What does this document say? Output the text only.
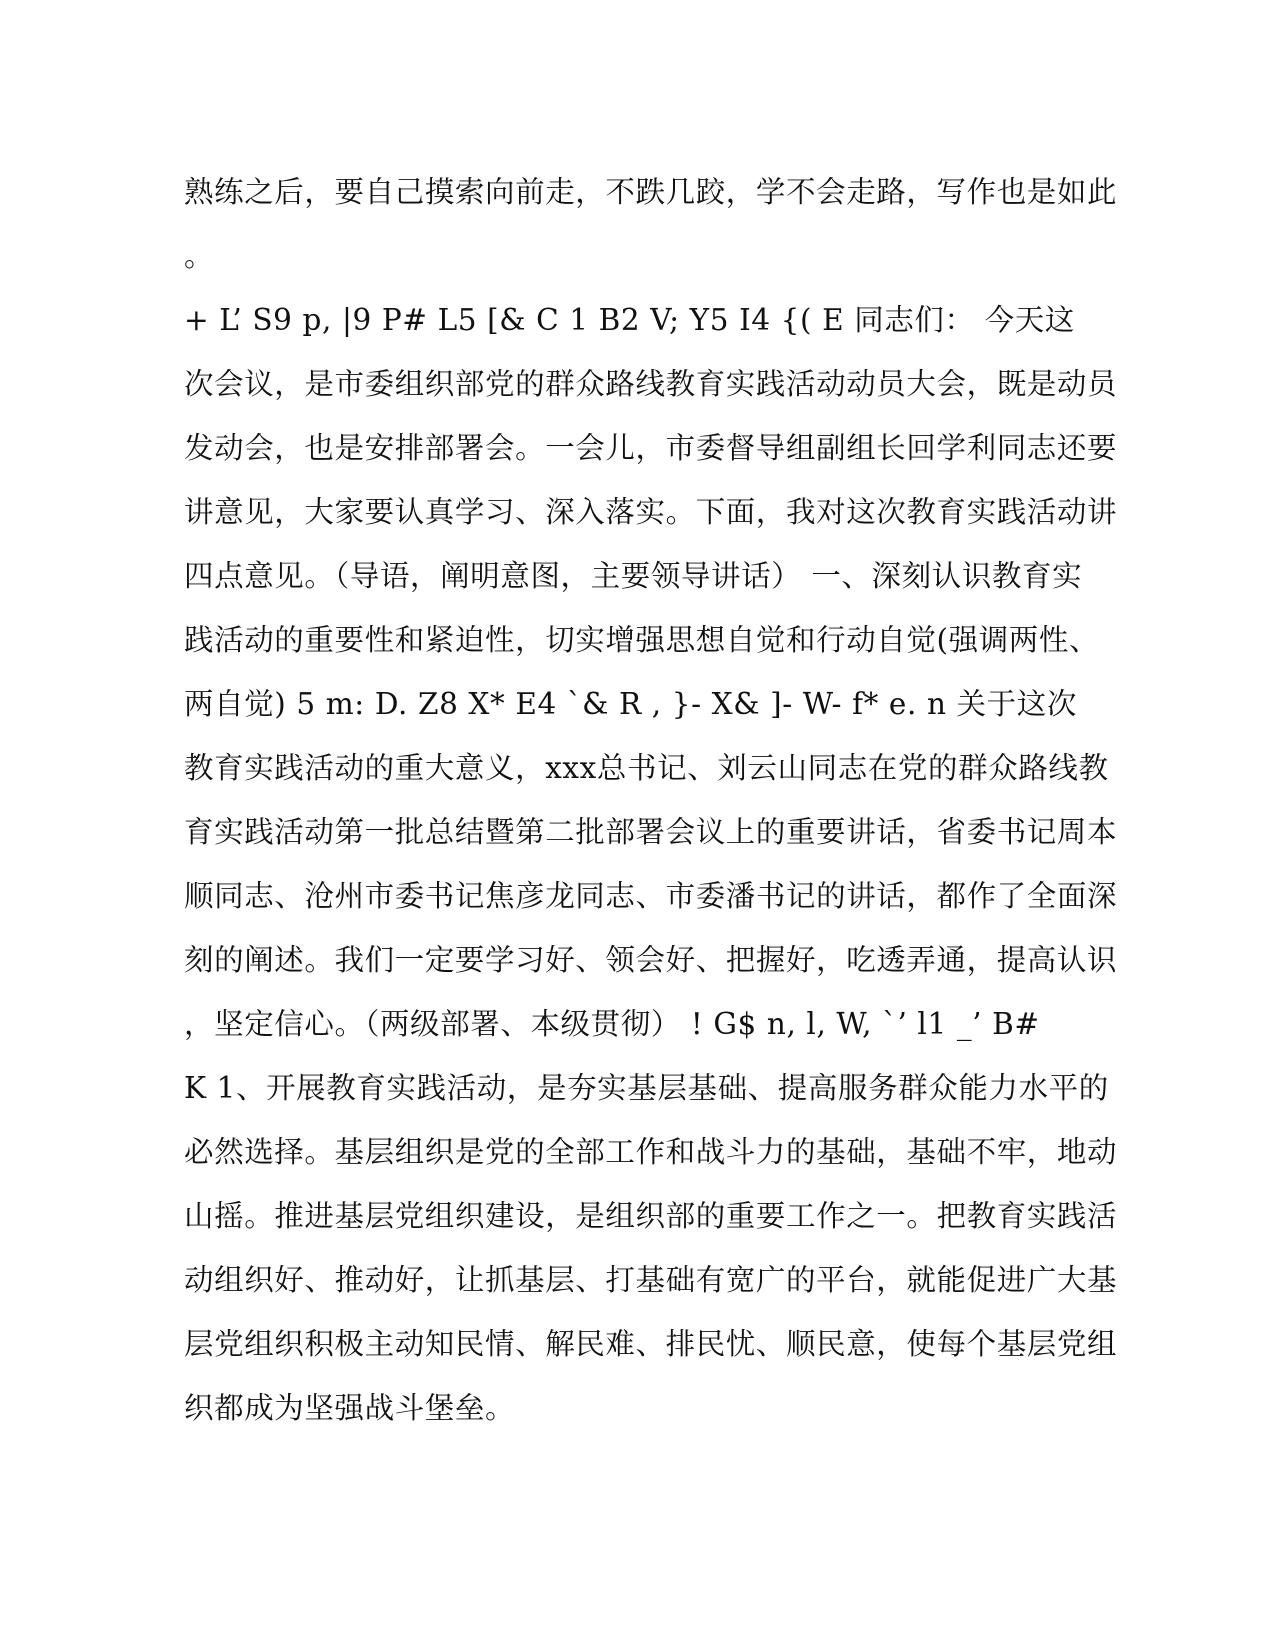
熟练之后，要自己摸索向前走，不跌几跤，学不会走路，写作也是如此
。
+ L’ S9 p, |9 P# L5 [& C 1 B2 V; Y5 I4 {( E 同志们： 今天这
次会议，是市委组织部党的群众路线教育实践活动动员大会，既是动员
发动会，也是安排部署会。一会儿，市委督导组副组长回学利同志还要
讲意见，大家要认真学习、深入落实。下面，我对这次教育实践活动讲
四点意见。（导语，阐明意图，主要领导讲话） 一、深刻认识教育实
践活动的重要性和紧迫性，切实增强思想自觉和行动自觉(强调两性、
两自觉) 5 m: D. Z8 X* E4 `& R , }- X& ]- W- f* e. n 关于这次
教育实践活动的重大意义，xxx总书记、刘云山同志在党的群众路线教
育实践活动第一批总结暨第二批部署会议上的重要讲话，省委书记周本
顺同志、沧州市委书记焦彦龙同志、市委潘书记的讲话，都作了全面深
刻的阐述。我们一定要学习好、领会好、把握好，吃透弄通，提高认识
，坚定信心。（两级部署、本级贯彻） ! G$ n, l, W, `’ l1 _’ B#
K 1、开展教育实践活动，是夯实基层基础、提高服务群众能力水平的
必然选择。基层组织是党的全部工作和战斗力的基础，基础不牢，地动
山摇。推进基层党组织建设，是组织部的重要工作之一。把教育实践活
动组织好、推动好，让抓基层、打基础有宽广的平台，就能促进广大基
层党组织积极主动知民情、解民难、排民忧、顺民意，使每个基层党组
织都成为坚强战斗堡垒。
